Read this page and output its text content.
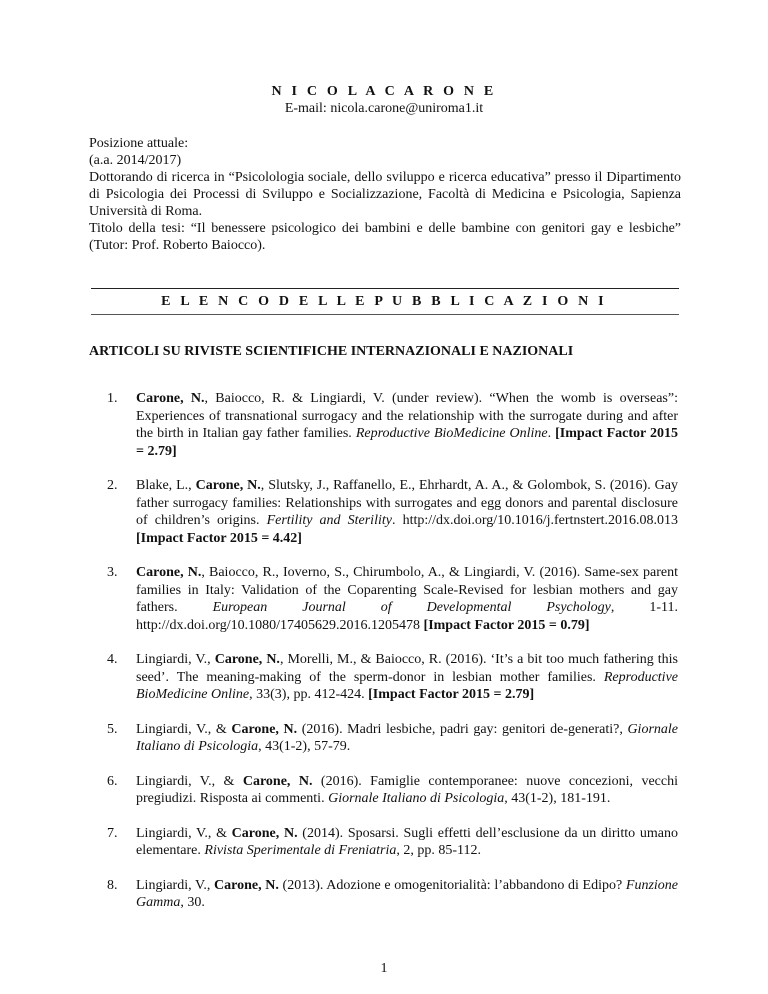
N I C O L A C A R O N E
E-mail: nicola.carone@uniroma1.it

Posizione attuale:

(a.a. 2014/2017)

Dottorando di ricerca in “Psicolologia sociale, dello sviluppo e ricerca educativa” presso il Dipartimento di Psicologia dei Processi di Sviluppo e Socializzazione, Facoltà di Medicina e Psicologia, Sapienza Università di Roma.

Titolo della tesi: “Il benessere psicologico dei bambini e delle bambine con genitori gay e lesbiche” (Tutor: Prof. Roberto Baiocco).

E L E N C O D E L L E P U B B L I C A Z I O N I
ARTICOLI SU RIVISTE SCIENTIFICHE INTERNAZIONALI E NAZIONALI
1. Carone, N., Baiocco, R. & Lingiardi, V. (under review). “When the womb is overseas”: Experiences of transnational surrogacy and the relationship with the surrogate during and after the birth in Italian gay father families. Reproductive BioMedicine Online. [Impact Factor 2015 = 2.79]
2. Blake, L., Carone, N., Slutsky, J., Raffanello, E., Ehrhardt, A. A., & Golombok, S. (2016). Gay father surrogacy families: Relationships with surrogates and egg donors and parental disclosure of children’s origins. Fertility and Sterility. http://dx.doi.org/10.1016/j.fertnstert.2016.08.013 [Impact Factor 2015 = 4.42]
3. Carone, N., Baiocco, R., Ioverno, S., Chirumbolo, A., & Lingiardi, V. (2016). Same-sex parent families in Italy: Validation of the Coparenting Scale-Revised for lesbian mothers and gay fathers. European Journal of Developmental Psychology, 1-11. http://dx.doi.org/10.1080/17405629.2016.1205478 [Impact Factor 2015 = 0.79]
4. Lingiardi, V., Carone, N., Morelli, M., & Baiocco, R. (2016). ‘It’s a bit too much fathering this seed’. The meaning-making of the sperm-donor in lesbian mother families. Reproductive BioMedicine Online, 33(3), pp. 412-424. [Impact Factor 2015 = 2.79]
5. Lingiardi, V., & Carone, N. (2016). Madri lesbiche, padri gay: genitori de-generati?, Giornale Italiano di Psicologia, 43(1-2), 57-79.
6. Lingiardi, V., & Carone, N. (2016). Famiglie contemporanee: nuove concezioni, vecchi pregiudizi. Risposta ai commenti. Giornale Italiano di Psicologia, 43(1-2), 181-191.
7. Lingiardi, V., & Carone, N. (2014). Sposarsi. Sugli effetti dell’esclusione da un diritto umano elementare. Rivista Sperimentale di Freniatria, 2, pp. 85-112.
8. Lingiardi, V., Carone, N. (2013). Adozione e omogenitorialità: l’abbandono di Edipo? Funzione Gamma, 30.
1
